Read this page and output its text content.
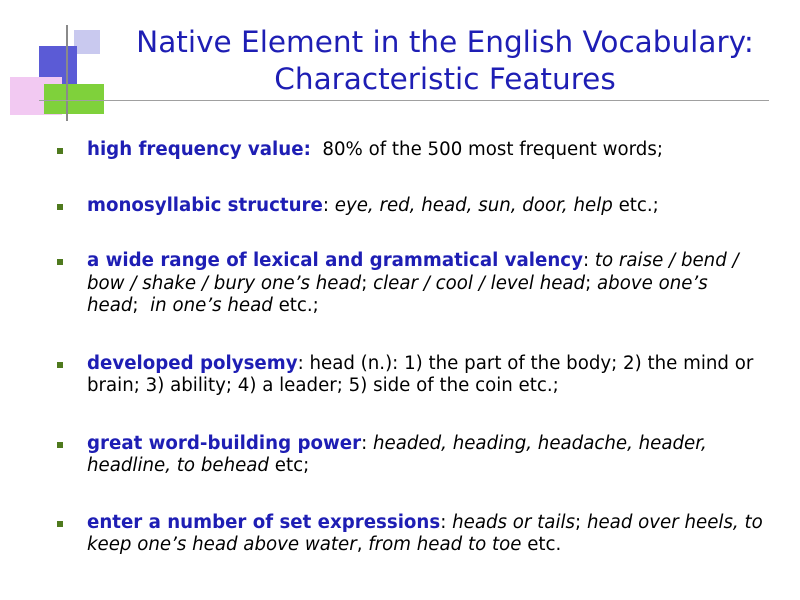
Native Element in the English Vocabulary:
Characteristic Features
high frequency value:  80% of the 500 most frequent words;
monosyllabic structure: eye, red, head, sun, door, help etc.;
a wide range of lexical and grammatical valency: to raise / bend / bow / shake / bury one’s head; clear / cool / level head; above one’s head;  in one’s head etc.;
developed polysemy: head (n.): 1) the part of the body; 2) the mind or brain; 3) ability; 4) a leader; 5) side of the coin etc.;
great word-building power: headed, heading, headache, header, headline, to behead etc;
enter a number of set expressions: heads or tails; head over heels, to keep one’s head above water, from head to toe etc.
